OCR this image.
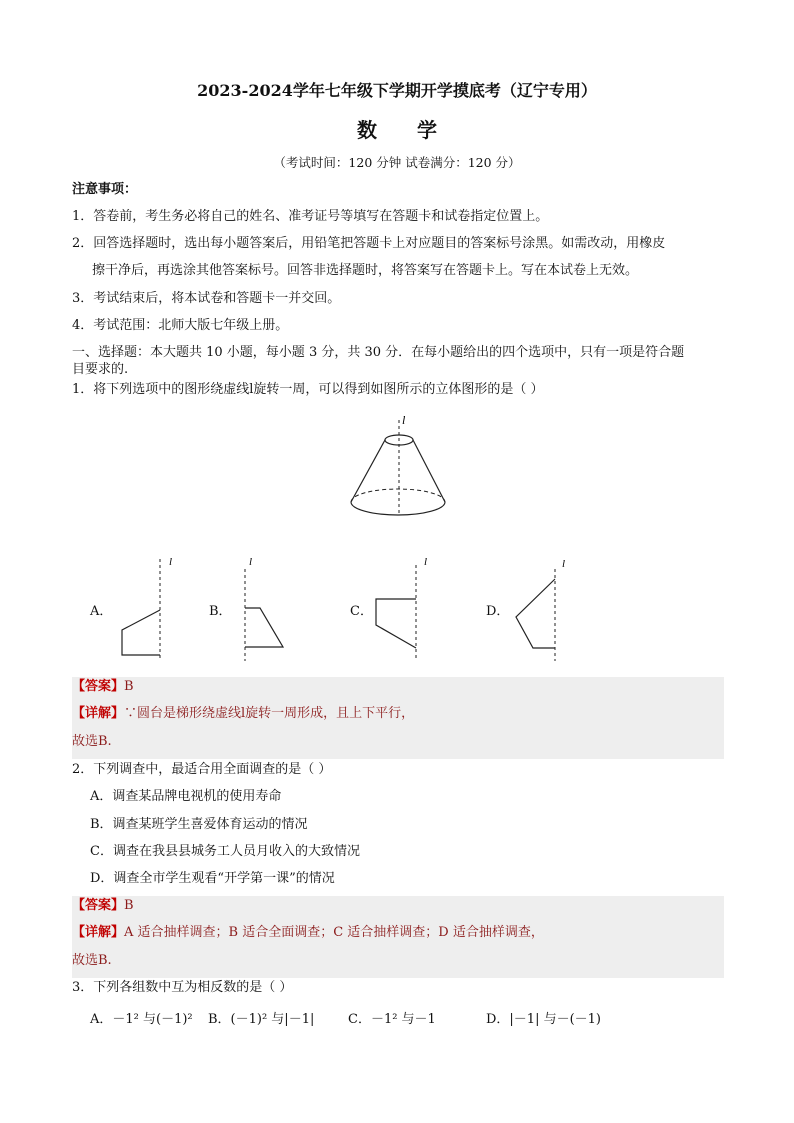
2023-2024学年七年级下学期开学摸底考（辽宁专用）
数学
（考试时间：120 分钟 试卷满分：120 分）
注意事项：
1．答卷前，考生务必将自己的姓名、准考证号等填写在答题卡和试卷指定位置上。
2．回答选择题时，选出每小题答案后，用铅笔把答题卡上对应题目的答案标号涂黑。如需改动，用橡皮
擦干净后，再选涂其他答案标号。回答非选择题时，将答案写在答题卡上。写在本试卷上无效。
3．考试结束后，将本试卷和答题卡一并交回。
4．考试范围：北师大版七年级上册。
一、选择题：本大题共 10 小题，每小题 3 分，共 30 分．在每小题给出的四个选项中，只有一项是符合题
目要求的.
1．将下列选项中的图形绕虚线l旋转一周，可以得到如图所示的立体图形的是（ ）
l
A．
l
B．
l
C．
l
D．
l
【答案】B
【详解】∵圆台是梯形绕虚线l旋转一周形成，且上下平行，
故选B.
2．下列调查中，最适合用全面调查的是（ ）
A．调查某品牌电视机的使用寿命
B．调查某班学生喜爱体育运动的情况
C．调查在我县县城务工人员月收入的大致情况
D．调查全市学生观看“开学第一课”的情况
【答案】B
【详解】A 适合抽样调查；B 适合全面调查；C 适合抽样调查；D 适合抽样调查，
故选B.
3．下列各组数中互为相反数的是（ ）
A．－1² 与(－1)² B．(－1)² 与|－1|	C．－1² 与－1	D．|－1| 与－(－1)
